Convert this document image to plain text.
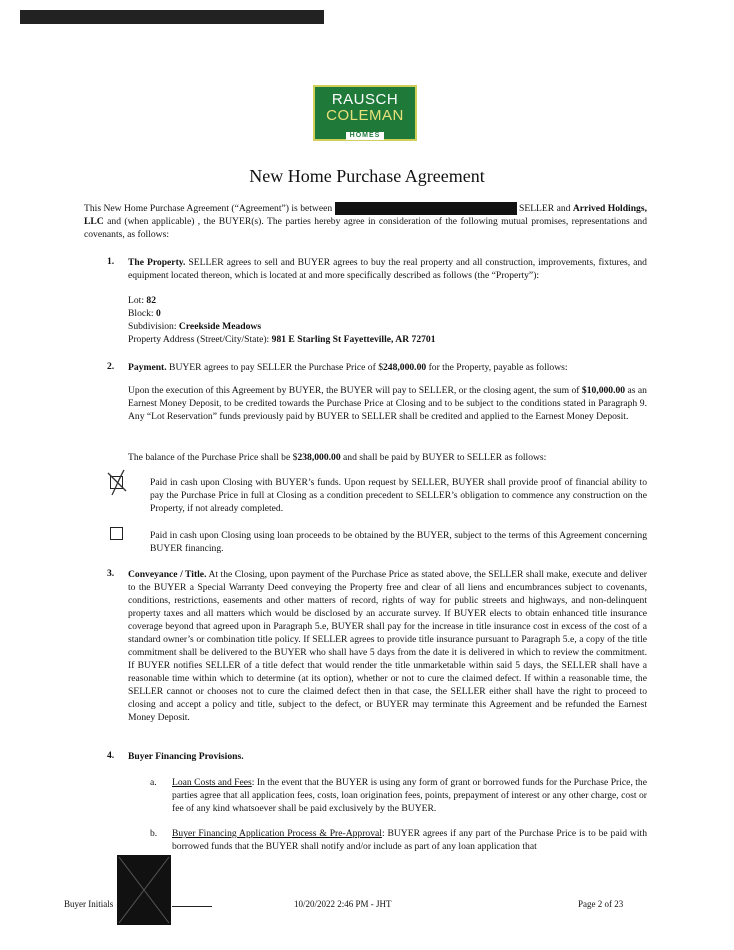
RAUSCH
COLEMAN
HOMES
New Home Purchase Agreement
This New Home Purchase Agreement (“Agreement”) is between	SELLER and Arrived Holdings, LLC and (when applicable) , the BUYER(s). The parties hereby agree in consideration of the following mutual promises, representations and covenants, as follows:
1. The Property. SELLER agrees to sell and BUYER agrees to buy the real property and all construction, improvements, fixtures, and equipment located thereon, which is located at and more specifically described as follows (the “Property”):
Lot: 82
Block: 0
Subdivision: Creekside Meadows
Property Address (Street/City/State): 981 E Starling St Fayetteville, AR 72701
2. Payment. BUYER agrees to pay SELLER the Purchase Price of $248,000.00 for the Property, payable as follows:
Upon the execution of this Agreement by BUYER, the BUYER will pay to SELLER, or the closing agent, the sum of $10,000.00 as an Earnest Money Deposit, to be credited towards the Purchase Price at Closing and to be subject to the conditions stated in Paragraph 9. Any “Lot Reservation” funds previously paid by BUYER to SELLER shall be credited and applied to the Earnest Money Deposit.
The balance of the Purchase Price shall be $238,000.00 and shall be paid by BUYER to SELLER as follows:
Paid in cash upon Closing with BUYER’s funds. Upon request by SELLER, BUYER shall provide proof of financial ability to pay the Purchase Price in full at Closing as a condition precedent to SELLER’s obligation to commence any construction on the Property, if not already completed.
Paid in cash upon Closing using loan proceeds to be obtained by the BUYER, subject to the terms of this Agreement concerning BUYER financing.
3. Conveyance / Title. At the Closing, upon payment of the Purchase Price as stated above, the SELLER shall make, execute and deliver to the BUYER a Special Warranty Deed conveying the Property free and clear of all liens and encumbrances subject to covenants, conditions, restrictions, easements and other matters of record, rights of way for public streets and highways, and non-delinquent property taxes and all matters which would be disclosed by an accurate survey. If BUYER elects to obtain enhanced title insurance coverage beyond that agreed upon in Paragraph 5.e, BUYER shall pay for the increase in title insurance cost in excess of the cost of a standard owner’s or combination title policy. If SELLER agrees to provide title insurance pursuant to Paragraph 5.e, a copy of the title commitment shall be delivered to the BUYER who shall have 5 days from the date it is delivered in which to review the commitment. If BUYER notifies SELLER of a title defect that would render the title unmarketable within said 5 days, the SELLER shall have a reasonable time within which to determine (at its option), whether or not to cure the claimed defect. If within a reasonable time, the SELLER cannot or chooses not to cure the claimed defect then in that case, the SELLER either shall have the right to proceed to closing and accept a policy and title, subject to the defect, or BUYER may terminate this Agreement and be refunded the Earnest Money Deposit.
4. Buyer Financing Provisions.
a. Loan Costs and Fees: In the event that the BUYER is using any form of grant or borrowed funds for the Purchase Price, the parties agree that all application fees, costs, loan origination fees, points, prepayment of interest or any other charge, cost or fee of any kind whatsoever shall be paid exclusively by the BUYER.
b. Buyer Financing Application Process & Pre-Approval: BUYER agrees if any part of the Purchase Price is to be paid with borrowed funds that the BUYER shall notify and/or include as part of any loan application that
Buyer Initials	10/20/2022 2:46 PM - JHT	Page 2 of 23
